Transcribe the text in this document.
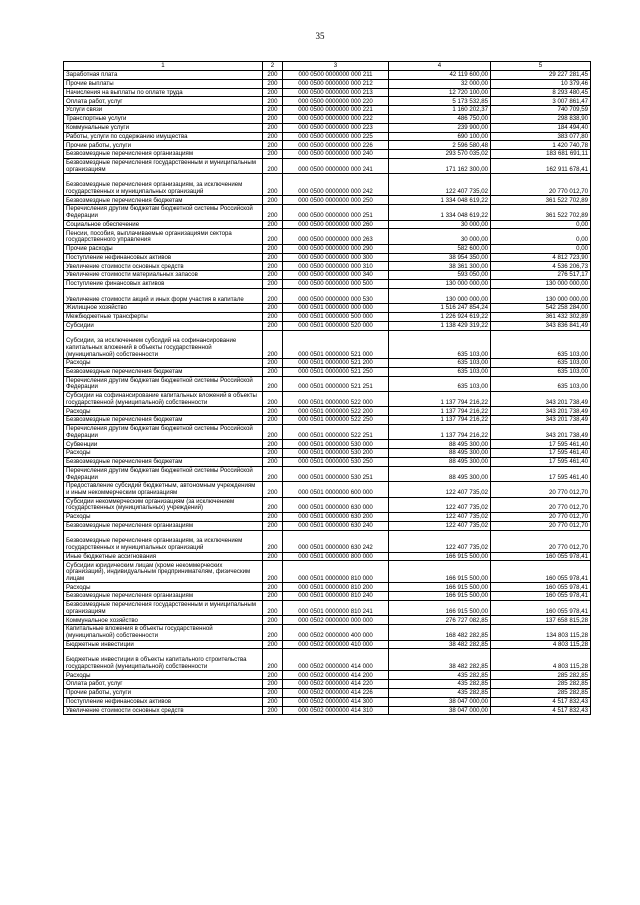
35
1	2	3	4	5
Заработная плата	200	000 0500 0000000 000 211	42 119 600,00	29 227 281,45
Прочие выплаты	200	000 0500 0000000 000 212	32 000,00	10 379,46
Начисления на выплаты по оплате труда	200	000 0500 0000000 000 213	12 720 100,00	8 293 480,45
Оплата работ, услуг	200	000 0500 0000000 000 220	5 173 532,85	3 007 861,47
Услуги связи	200	000 0500 0000000 000 221	1 160 202,37	740 709,59
Транспортные услуги	200	000 0500 0000000 000 222	486 750,00	298 838,90
Коммунальные услуги	200	000 0500 0000000 000 223	239 900,00	184 494,40
Работы, услуги по содержанию имущества	200	000 0500 0000000 000 225	690 100,00	383 077,80
Прочие работы, услуги	200	000 0500 0000000 000 226	2 596 580,48	1 420 740,78
Безвозмездные перечисления организациям	200	000 0500 0000000 000 240	293 570 035,02	183 681 691,11
Безвозмездные перечисления государственным и муниципальным организациям	200	000 0500 0000000 000 241	171 162 300,00	162 911 678,41
Безвозмездные перечисления организациям, за исключением государственных и муниципальных организаций	200	000 0500 0000000 000 242	122 407 735,02	20 770 012,70
Безвозмездные перечисления бюджетам	200	000 0500 0000000 000 250	1 334 048 619,22	361 522 702,89
Перечисления другим бюджетам бюджетной системы Российской Федерации	200	000 0500 0000000 000 251	1 334 048 619,22	361 522 702,89
Социальное обеспечение	200	000 0500 0000000 000 260	30 000,00	0,00
Пенсии, пособия, выплачиваемые организациями сектора государственного управления	200	000 0500 0000000 000 263	30 000,00	0,00
Прочие расходы	200	000 0500 0000000 000 290	582 600,00	0,00
Поступление нефинансовых активов	200	000 0500 0000000 000 300	38 954 350,00	4 812 723,90
Увеличение стоимости основных средств	200	000 0500 0000000 000 310	38 361 300,00	4 536 206,73
Увеличение стоимости материальных запасов	200	000 0500 0000000 000 340	593 050,00	276 517,17
Поступление финансовых активов	200	000 0500 0000000 000 500	130 000 000,00	130 000 000,00
Увеличение стоимости акций и иных форм участия в капитале	200	000 0500 0000000 000 530	130 000 000,00	130 000 000,00
Жилищное хозяйство	200	000 0501 0000000 000 000	1 516 247 854,24	542 258 284,00
Межбюджетные трансферты	200	000 0501 0000000 500 000	1 226 924 619,22	361 432 302,89
Субсидии	200	000 0501 0000000 520 000	1 138 429 319,22	343 836 841,49
Субсидии, за исключением субсидий на софинансирование капитальных вложений в объекты государственной (муниципальной) собственности	200	000 0501 0000000 521 000	635 103,00	635 103,00
Расходы	200	000 0501 0000000 521 200	635 103,00	635 103,00
Безвозмездные перечисления бюджетам	200	000 0501 0000000 521 250	635 103,00	635 103,00
Перечисления другим бюджетам бюджетной системы Российской Федерации	200	000 0501 0000000 521 251	635 103,00	635 103,00
Субсидии на софинансирование капитальных вложений в объекты государственной (муниципальной) собственности	200	000 0501 0000000 522 000	1 137 794 216,22	343 201 738,49
Расходы	200	000 0501 0000000 522 200	1 137 794 216,22	343 201 738,49
Безвозмездные перечисления бюджетам	200	000 0501 0000000 522 250	1 137 794 216,22	343 201 738,49
Перечисления другим бюджетам бюджетной системы Российской Федерации	200	000 0501 0000000 522 251	1 137 794 216,22	343 201 738,49
Субвенции	200	000 0501 0000000 530 000	88 495 300,00	17 595 461,40
Расходы	200	000 0501 0000000 530 200	88 495 300,00	17 595 461,40
Безвозмездные перечисления бюджетам	200	000 0501 0000000 530 250	88 495 300,00	17 595 461,40
Перечисления другим бюджетам бюджетной системы Российской Федерации	200	000 0501 0000000 530 251	88 495 300,00	17 595 461,40
Предоставление субсидий бюджетным, автономным учреждениям и иным некоммерческим организациям	200	000 0501 0000000 600 000	122 407 735,02	20 770 012,70
Субсидии некоммерческим организациям (за исключением государственных (муниципальных) учреждений)	200	000 0501 0000000 630 000	122 407 735,02	20 770 012,70
Расходы	200	000 0501 0000000 630 200	122 407 735,02	20 770 012,70
Безвозмездные перечисления организациям	200	000 0501 0000000 630 240	122 407 735,02	20 770 012,70
Безвозмездные перечисления организациям, за исключением государственных и муниципальных организаций	200	000 0501 0000000 630 242	122 407 735,02	20 770 012,70
Иные бюджетные ассигнования	200	000 0501 0000000 800 000	166 915 500,00	160 055 978,41
Субсидии юридическим лицам (кроме некоммерческих организаций), индивидуальным предпринимателям, физическим лицам	200	000 0501 0000000 810 000	166 915 500,00	160 055 978,41
Расходы	200	000 0501 0000000 810 200	166 915 500,00	160 055 978,41
Безвозмездные перечисления организациям	200	000 0501 0000000 810 240	166 915 500,00	160 055 978,41
Безвозмездные перечисления государственным и муниципальным организациям	200	000 0501 0000000 810 241	166 915 500,00	160 055 978,41
Коммунальное хозяйство	200	000 0502 0000000 000 000	276 727 082,85	137 658 815,28
Капитальные вложения в объекты государственной (муниципальной) собственности	200	000 0502 0000000 400 000	168 482 282,85	134 803 115,28
Бюджетные инвестиции	200	000 0502 0000000 410 000	38 482 282,85	4 803 115,28
Бюджетные инвестиции в объекты капитального строительства государственной (муниципальной) собственности	200	000 0502 0000000 414 000	38 482 282,85	4 803 115,28
Расходы	200	000 0502 0000000 414 200	435 282,85	285 282,85
Оплата работ, услуг	200	000 0502 0000000 414 220	435 282,85	285 282,85
Прочие работы, услуги	200	000 0502 0000000 414 226	435 282,85	285 282,85
Поступление нефинансовых активов	200	000 0502 0000000 414 300	38 047 000,00	4 517 832,43
Увеличение стоимости основных средств	200	000 0502 0000000 414 310	38 047 000,00	4 517 832,43
